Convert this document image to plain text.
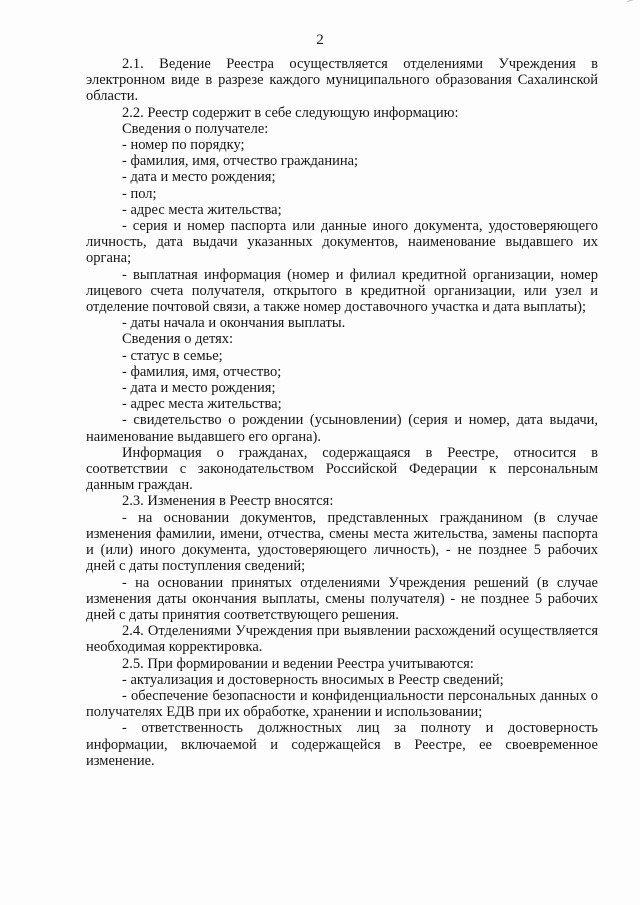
2

2.1. Ведение Реестра осуществляется отделениями Учреждения в электронном виде в разрезе каждого муниципального образования Сахалинской области.

2.2. Реестр содержит в себе следующую информацию:

Сведения о получателе:

- номер по порядку;

- фамилия, имя, отчество гражданина;

- дата и место рождения;

- пол;

- адрес места жительства;

- серия и номер паспорта или данные иного документа, удостоверяющего личность, дата выдачи указанных документов, наименование выдавшего их органа;

- выплатная информация (номер и филиал кредитной организации, номер лицевого счета получателя, открытого в кредитной организации, или узел и отделение почтовой связи, а также номер доставочного участка и дата выплаты);

- даты начала и окончания выплаты.

Сведения о детях:

- статус в семье;

- фамилия, имя, отчество;

- дата и место рождения;

- адрес места жительства;

- свидетельство о рождении (усыновлении) (серия и номер, дата выдачи, наименование выдавшего его органа).

Информация о гражданах, содержащаяся в Реестре, относится в соответствии с законодательством Российской Федерации к персональным данным граждан.

2.3. Изменения в Реестр вносятся:

- на основании документов, представленных гражданином (в случае изменения фамилии, имени, отчества, смены места жительства, замены паспорта и (или) иного документа, удостоверяющего личность), - не позднее 5 рабочих дней с даты поступления сведений;

- на основании принятых отделениями Учреждения решений (в случае изменения даты окончания выплаты, смены получателя) - не позднее 5 рабочих дней с даты принятия соответствующего решения.

2.4. Отделениями Учреждения при выявлении расхождений осуществляется необходимая корректировка.

2.5. При формировании и ведении Реестра учитываются:

- актуализация и достоверность вносимых в Реестр сведений;

- обеспечение безопасности и конфиденциальности персональных данных о получателях ЕДВ при их обработке, хранении и использовании;

- ответственность должностных лиц за полноту и достоверность информации, включаемой и содержащейся в Реестре, ее своевременное изменение.
